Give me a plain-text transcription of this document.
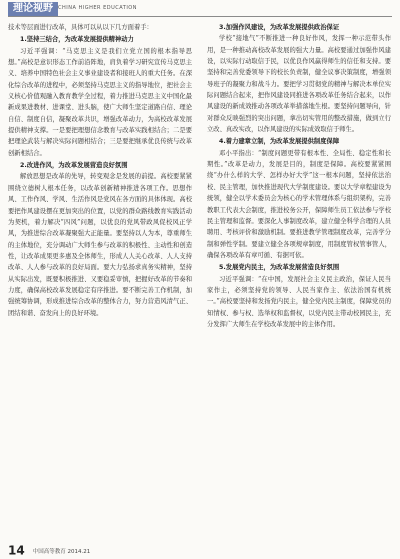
理论视野	CHINA HIGHER EDUCATION

技术等层面进行改革，具体可以从以下几方面着手：

1.坚持三结合，为改革发展提供精神动力

习近平强调：“马克思主义是我们立党立国的根本指导思想。”高校是意识形态工作前沿阵地，肩负着学习研究宣传马克思主义、培养中国特色社会主义事业建设者和接班人的重大任务。在深化综合改革的进程中，必须坚持马克思主义的指导地位，把社会主义核心价值观融入教育教学全过程，着力推进马克思主义中国化最新成果进教材、进课堂、进头脑，使广大师生坚定道路自信、理论自信、制度自信，凝聚改革共识，增强改革动力，为高校改革发展提供精神支撑。一是要把理想信念教育与改革实践相结合；二是要把理论武装与解决实际问题相结合；三是要把继承优良传统与改革创新相结合。

2.改进作风，为改革发展营造良好氛围

解放思想是改革的先导，转变观念是发展的前提。高校要紧紧围绕立德树人根本任务，以改革创新精神推进各项工作。思想作风、工作作风、学风、生活作风是党风在各方面的具体体现。高校要把作风建设摆在更加突出的位置，以党的群众路线教育实践活动为契机，着力解决“四风”问题，以优良的党风带政风促校风正学风，为推进综合改革凝聚强大正能量。要坚持以人为本，尊重师生的主体地位，充分调动广大师生参与改革的积极性、主动性和创造性，让改革成果更多惠及全体师生，形成人人关心改革、人人支持改革、人人参与改革的良好局面。要大力弘扬求真务实精神，坚持从实际出发，既要积极推进、又要稳妥审慎，把握好改革的节奏和力度，确保高校改革发展稳定有序推进。要不断完善工作机制，加强统筹协调，形成推进综合改革的整体合力，努力营造风清气正、团结和谐、奋发向上的良好环境。

3.加强作风建设，为改革发展提供政治保证

学校“接地气”不断推进一种良好作风，发挥一种示范带头作用，是一种推动高校改革发展的强大力量。高校要通过加强作风建设，以实际行动取信于民，以优良作风赢得师生的信任和支持。要坚持和完善党委领导下的校长负责制，健全议事决策制度，增强领导班子的凝聚力和战斗力。要把学习贯彻党的精神与解决本单位实际问题结合起来，把作风建设同推进各项改革任务结合起来，以作风建设的新成效推动各项改革举措落地生根。要坚持问题导向，针对群众反映强烈的突出问题，拿出切实管用的整改措施，做到立行立改、真改实改，以作风建设的实际成效取信于师生。

4.着力建章立制，为改革发展提供制度保障

邓小平指出：“制度问题更带有根本性、全局性、稳定性和长期性。”改革是动力，发展是目的，制度是保障。高校要紧紧围绕“办什么样的大学、怎样办好大学”这一根本问题，坚持依法治校、民主管理，加快推进现代大学制度建设。要以大学章程建设为统领，健全以学术委员会为核心的学术管理体系与组织架构，完善教职工代表大会制度，推进校务公开，保障师生员工依法参与学校民主管理和监督。要深化人事制度改革，建立健全科学合理的人员聘用、考核评价和激励机制。要推进教学管理制度改革，完善学分制和弹性学制。要建立健全各项规章制度，用制度管权管事管人，确保各项改革有章可循、有据可依。

5.发展党内民主，为改革发展营造良好氛围

习近平强调：“在中国，发展社会主义民主政治，保证人民当家作主，必须坚持党的领导、人民当家作主、依法治国有机统一。”高校要坚持和发扬党内民主，健全党内民主制度，保障党员的知情权、参与权、选举权和监督权，以党内民主带动校园民主，充分发挥广大师生在学校改革发展中的主体作用。

14 中国高等教育 2014.21
